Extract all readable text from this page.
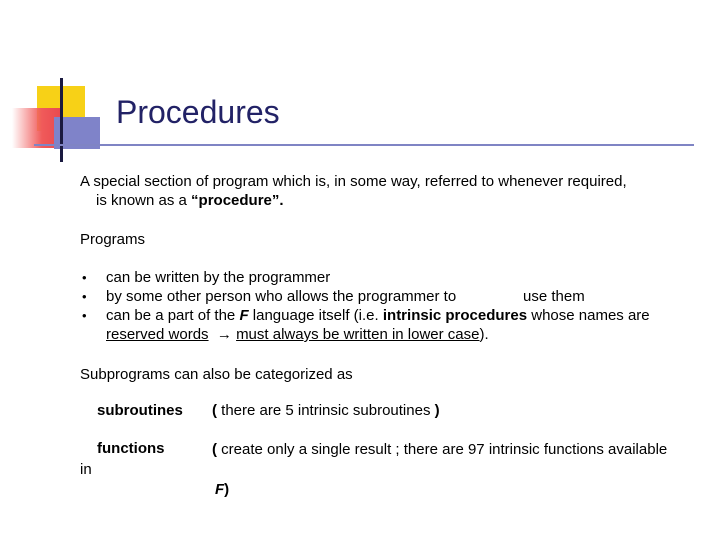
Procedures
A special section of program which is, in some way, referred to whenever required,
is known as a “procedure”.
Programs
• can be written by the programmer
• by some other person who allows the programmer to	use them
• can be a part of the F language itself (i.e. intrinsic procedures whose names are
reserved words → must always be written in lower case).
Subprograms can also be categorized as
subroutines ( there are 5 intrinsic subroutines )
functions	( create only a single result ; there are 97 intrinsic functions available
in
F)
